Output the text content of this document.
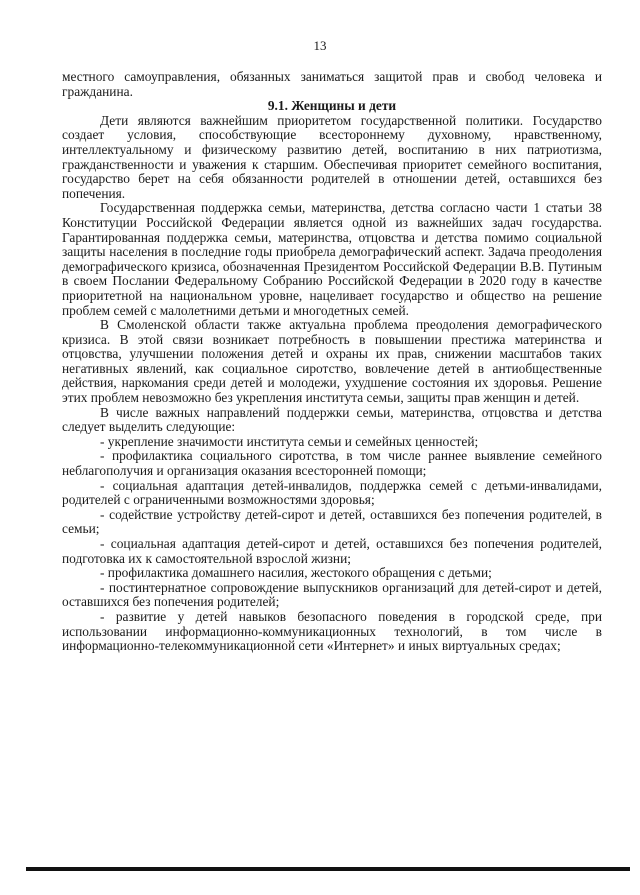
13

местного самоуправления, обязанных заниматься защитой прав и свобод человека и гражданина.

9.1. Женщины и дети

Дети являются важнейшим приоритетом государственной политики. Государство создает условия, способствующие всестороннему духовному, нравственному, интеллектуальному и физическому развитию детей, воспитанию в них патриотизма, гражданственности и уважения к старшим. Обеспечивая приоритет семейного воспитания, государство берет на себя обязанности родителей в отношении детей, оставшихся без попечения.

Государственная поддержка семьи, материнства, детства согласно части 1 статьи 38 Конституции Российской Федерации является одной из важнейших задач государства. Гарантированная поддержка семьи, материнства, отцовства и детства помимо социальной защиты населения в последние годы приобрела демографический аспект. Задача преодоления демографического кризиса, обозначенная Президентом Российской Федерации В.В. Путиным в своем Послании Федеральному Собранию Российской Федерации в 2020 году в качестве приоритетной на национальном уровне, нацеливает государство и общество на решение проблем семей с малолетними детьми и многодетных семей.

В Смоленской области также актуальна проблема преодоления демографического кризиса. В этой связи возникает потребность в повышении престижа материнства и отцовства, улучшении положения детей и охраны их прав, снижении масштабов таких негативных явлений, как социальное сиротство, вовлечение детей в антиобщественные действия, наркомания среди детей и молодежи, ухудшение состояния их здоровья. Решение этих проблем невозможно без укрепления института семьи, защиты прав женщин и детей.

В числе важных направлений поддержки семьи, материнства, отцовства и детства следует выделить следующие:

- укрепление значимости института семьи и семейных ценностей;

- профилактика социального сиротства, в том числе раннее выявление семейного неблагополучия и организация оказания всесторонней помощи;

- социальная адаптация детей-инвалидов, поддержка семей с детьми-инвалидами, родителей с ограниченными возможностями здоровья;

- содействие устройству детей-сирот и детей, оставшихся без попечения родителей, в семьи;

- социальная адаптация детей-сирот и детей, оставшихся без попечения родителей, подготовка их к самостоятельной взрослой жизни;

- профилактика домашнего насилия, жестокого обращения с детьми;

- постинтернатное сопровождение выпускников организаций для детей-сирот и детей, оставшихся без попечения родителей;

- развитие у детей навыков безопасного поведения в городской среде, при использовании информационно-коммуникационных технологий, в том числе в информационно-телекоммуникационной сети «Интернет» и иных виртуальных средах;
